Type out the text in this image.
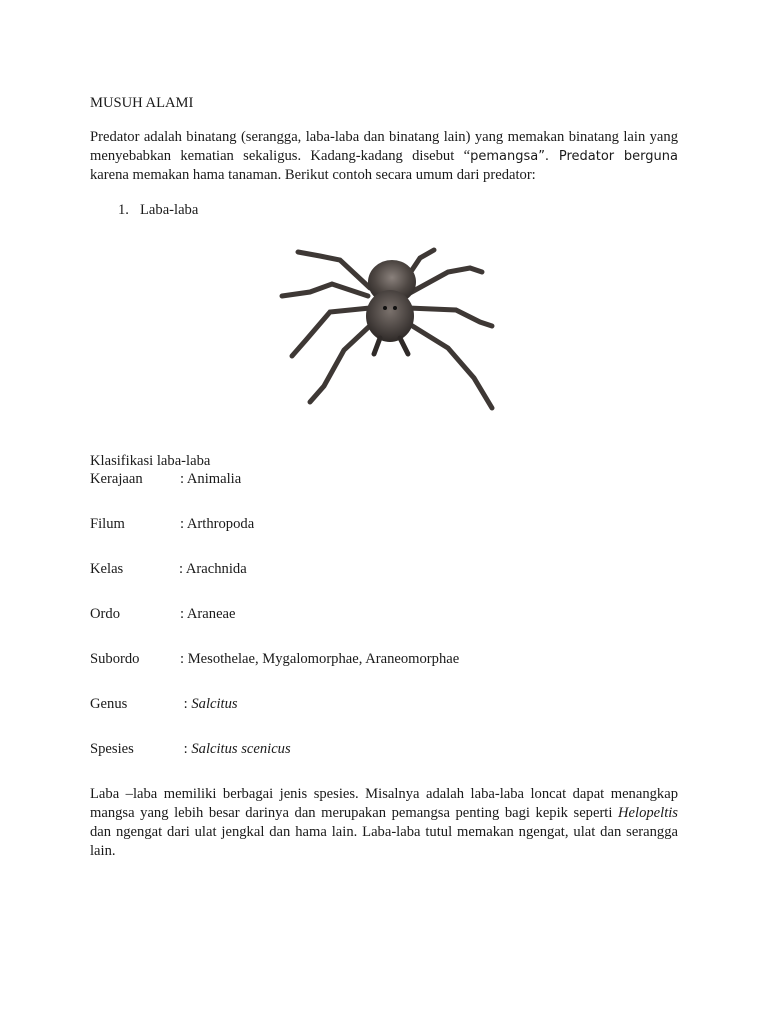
MUSUH ALAMI

Predator adalah binatang (serangga, laba-laba dan binatang lain) yang memakan binatang lain yang menyebabkan kematian sekaligus. Kadang-kadang disebut “pemangsa”. Predator berguna karena memakan hama tanaman. Berikut contoh secara umum dari predator:

1. Laba-laba
Klasifikasi laba-laba
Kerajaan	: Animalia
Filum	: Arthropoda
Kelas	: Arachnida
Ordo	: Araneae
Subordo	: Mesothelae, Mygalomorphae, Araneomorphae
Genus	: Salcitus
Spesies	: Salcitus scenicus

Laba –laba memiliki berbagai jenis spesies. Misalnya adalah laba-laba loncat dapat menangkap mangsa yang lebih besar darinya dan merupakan pemangsa penting bagi kepik seperti Helopeltis dan ngengat dari ulat jengkal dan hama lain. Laba-laba tutul memakan ngengat, ulat dan serangga lain.
